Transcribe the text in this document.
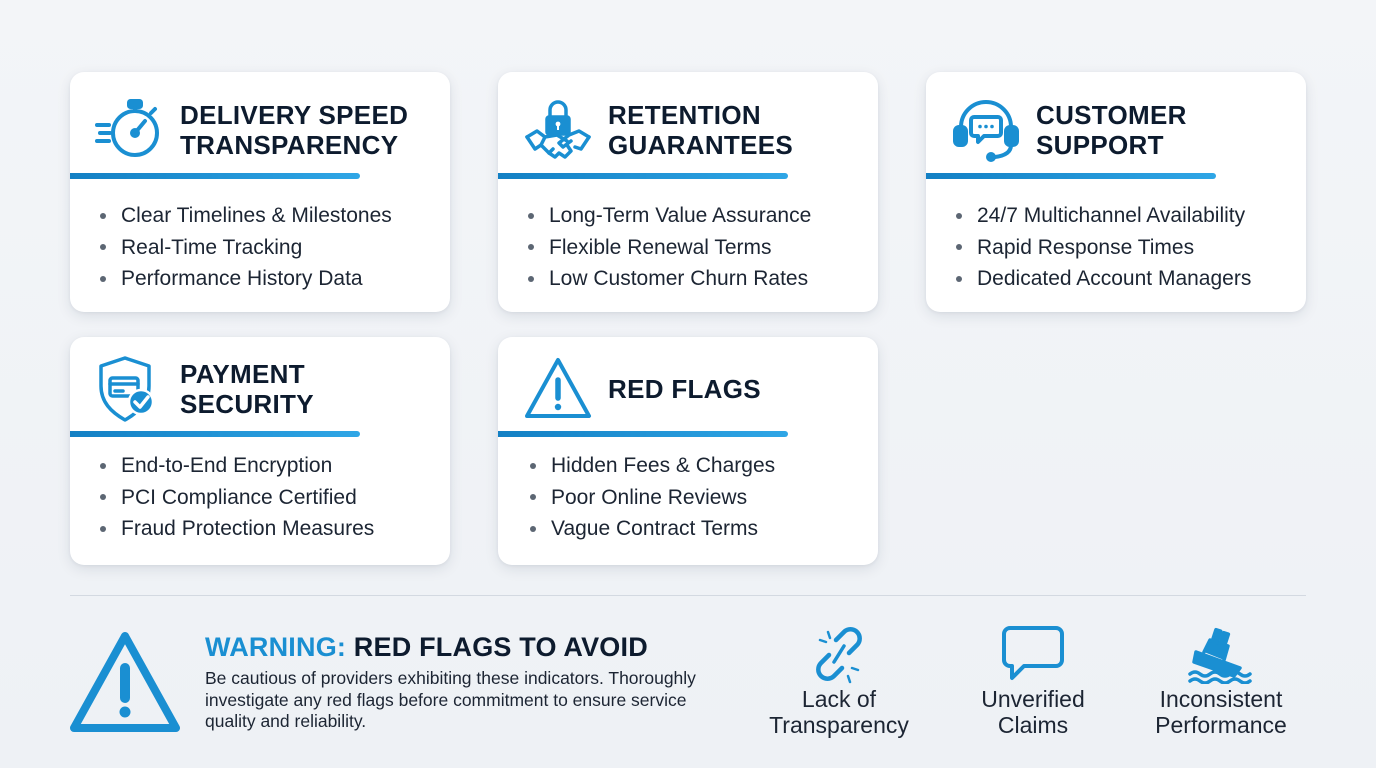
DELIVERY SPEED
TRANSPARENCY
Clear Timelines & Milestones
Real-Time Tracking
Performance History Data
RETENTION
GUARANTEES
Long-Term Value Assurance
Flexible Renewal Terms
Low Customer Churn Rates
CUSTOMER
SUPPORT
24/7 Multichannel Availability
Rapid Response Times
Dedicated Account Managers
PAYMENT
SECURITY
End-to-End Encryption
PCI Compliance Certified
Fraud Protection Measures
RED FLAGS
Hidden Fees & Charges
Poor Online Reviews
Vague Contract Terms
WARNING: RED FLAGS TO AVOID
Be cautious of providers exhibiting these indicators. Thoroughly investigate any red flags before commitment to ensure service quality and reliability.
Lack of
Transparency
Unverified
Claims
Inconsistent
Performance
